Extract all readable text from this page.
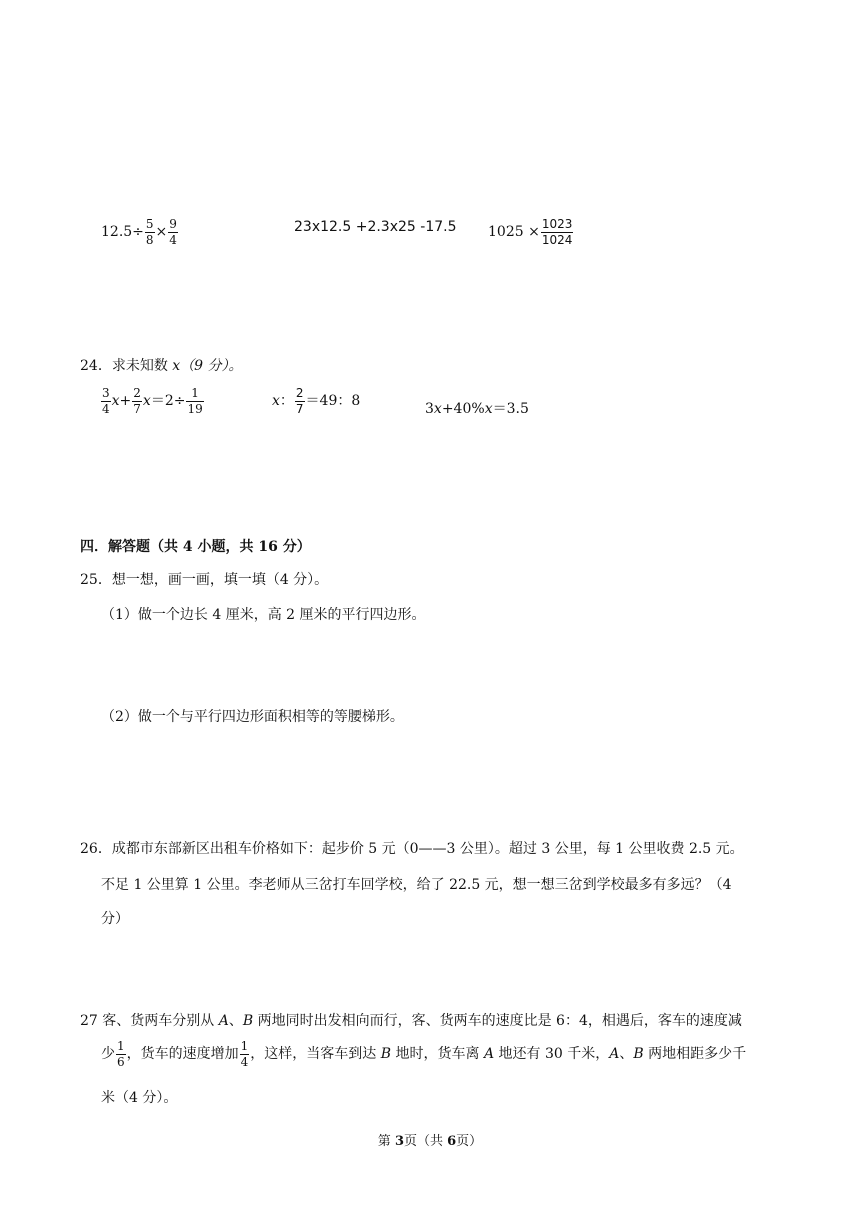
$12.5\div \frac{5}{8} \times \frac{9}{4}$	23x12.5 +2.3x25 -17.5 $1025 \times \frac{1023}{1024}$
24．求未知数 x（9 分）。
$\frac{3}{4} x+ \frac{2}{7} x=2\div \frac{1}{19}$	x： $\frac{2}{7} =49$：8	3x+40%x＝3.5
四．解答题（共 4 小题，共 16 分）
25．想一想，画一画，填一填（4 分）。
（1）做一个边长 4 厘米，高 2 厘米的平行四边形。
（2）做一个与平行四边形面积相等的等腰梯形。
26．成都市东部新区出租车价格如下：起步价 5 元（0——3 公里）。超过 3 公里，每 1 公里收费 2.5 元。
不足 1 公里算 1 公里。李老师从三岔打车回学校，给了 22.5 元，想一想三岔到学校最多有多远？（4
分）
27 客、货两车分别从 A、B 两地同时出发相向而行，客、货两车的速度比是 6：4，相遇后，客车的速度减
少 $\frac{1}{6}$ ，货车的速度增加 $\frac{1}{4}$ ，这样，当客车到达 B 地时，货车离 A 地还有 30 千米，A、B 两地相距多少千
米（4 分）。
第 3页（共 6页）
